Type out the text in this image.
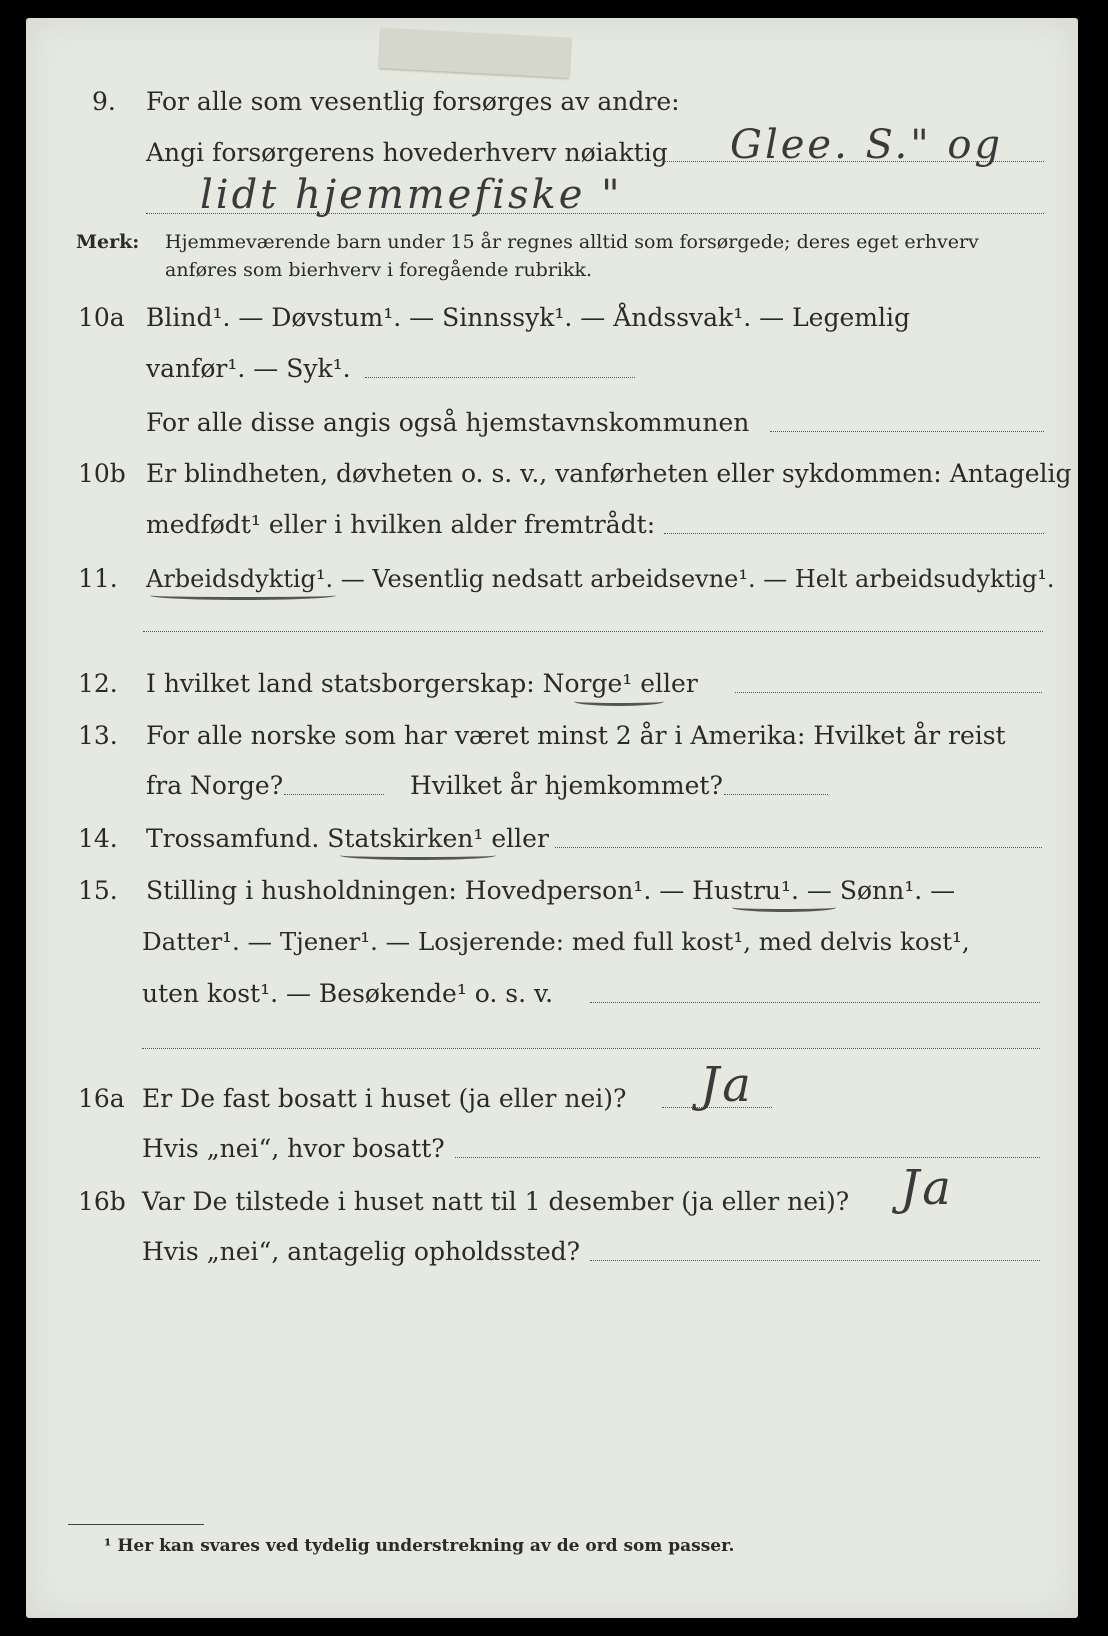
9. For alle som vesentlig forsørges av andre:
Angi forsørgerens hovederhverv nøiaktig Glee. S." og
lidt hjemmefiske "
Merk: Hjemmeværende barn under 15 år regnes alltid som forsørgede; deres eget erhverv
anføres som bierhverv i foregående rubrikk.
10a Blind¹. — Døvstum¹. — Sinnssyk¹. — Åndssvak¹. — Legemlig
vanfør¹. — Syk¹.
For alle disse angis også hjemstavnskommunen
10b Er blindheten, døvheten o. s. v., vanførheten eller sykdommen: Antagelig
medfødt¹ eller i hvilken alder fremtrådt:
11. Arbeidsdyktig¹. — Vesentlig nedsatt arbeidsevne¹. — Helt arbeidsudyktig¹.
12. I hvilket land statsborgerskap: Norge¹ eller
13. For alle norske som har været minst 2 år i Amerika: Hvilket år reist
fra Norge?	Hvilket år hjemkommet?
14. Trossamfund. Statskirken¹ eller
15. Stilling i husholdningen: Hovedperson¹. — Hustru¹. — Sønn¹. —
Datter¹. — Tjener¹. — Losjerende: med full kost¹, med delvis kost¹,
uten kost¹. — Besøkende¹ o. s. v.
16a Er De fast bosatt i huset (ja eller nei)? Ja
Hvis „nei“, hvor bosatt?
16b Var De tilstede i huset natt til 1 desember (ja eller nei)? Ja
Hvis „nei“, antagelig opholdssted?
¹ Her kan svares ved tydelig understrekning av de ord som passer.
